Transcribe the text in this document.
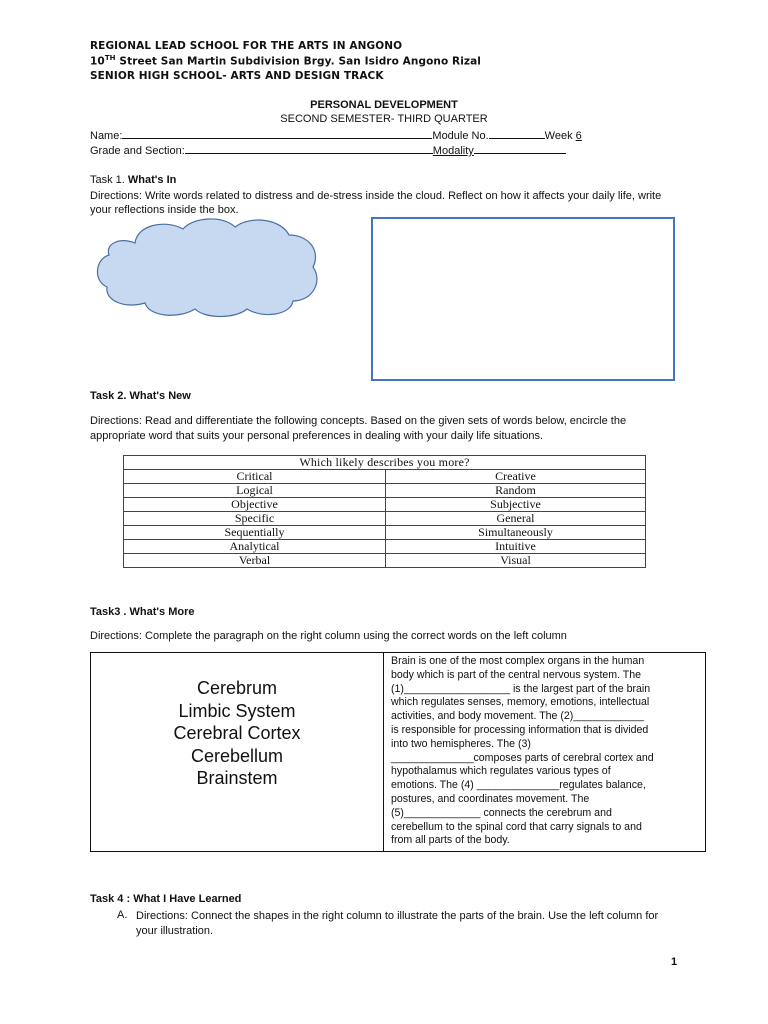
REGIONAL LEAD SCHOOL FOR THE ARTS IN ANGONO
10TH Street San Martin Subdivision Brgy. San Isidro Angono Rizal
SENIOR HIGH SCHOOL- ARTS AND DESIGN TRACK
PERSONAL DEVELOPMENT
SECOND SEMESTER- THIRD QUARTER
Name:	Module No.	Week 6
Grade and Section:	Modality
Task 1. What's In
Directions: Write words related to distress and de-stress inside the cloud. Reflect on how it affects your daily life, write your reflections inside the box.
Task 2. What's New
Directions: Read and differentiate the following concepts. Based on the given sets of words below, encircle the appropriate word that suits your personal preferences in dealing with your daily life situations.
Which likely describes you more?	
Critical	Creative
Logical	Random
Objective	Subjective
Specific	General
Sequentially	Simultaneously
Analytical	Intuitive
Verbal	Visual
Task3 . What's More
Directions: Complete the paragraph on the right column using the correct words on the left column
Cerebrum
Limbic System
Cerebral Cortex
Cerebellum
Brainstem
Brain is one of the most complex organs in the human
body which is part of the central nervous system. The
(1)__________________ is the largest part of the brain
which regulates senses, memory, emotions, intellectual
activities, and body movement. The (2)____________
is responsible for processing information that is divided
into two hemispheres. The (3)
______________composes parts of cerebral cortex and
hypothalamus which regulates various types of
emotions. The (4) ______________regulates balance,
postures, and coordinates movement. The
(5)_____________ connects the cerebrum and
cerebellum to the spinal cord that carry signals to and
from all parts of the body.
Task 4 : What I Have Learned
A. Directions: Connect the shapes in the right column to illustrate the parts of the brain. Use the left column for your illustration.
1
